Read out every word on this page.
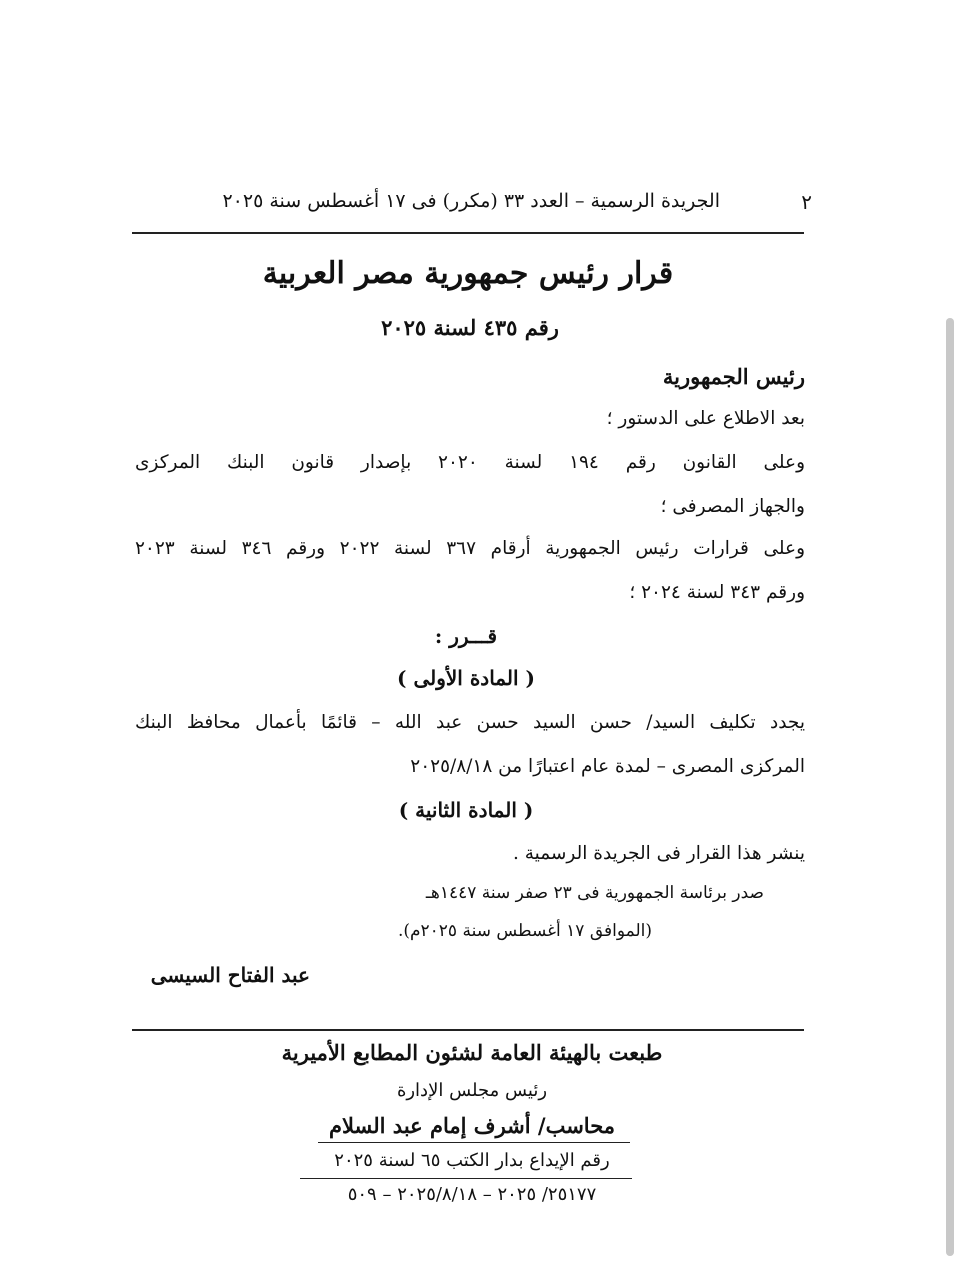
٢
الجريدة الرسمية – العدد ٣٣ (مكرر) فى ١٧ أغسطس سنة ٢٠٢٥
قرار رئيس جمهورية مصر العربية
رقم ٤٣٥ لسنة ٢٠٢٥
رئيس الجمهورية
بعد الاطلاع على الدستور ؛
وعلى القانون رقم ١٩٤ لسنة ٢٠٢٠ بإصدار قانون البنك المركزى
والجهاز المصرفى ؛
وعلى قرارات رئيس الجمهورية أرقام ٣٦٧ لسنة ٢٠٢٢ ورقم ٣٤٦ لسنة ٢٠٢٣
ورقم ٣٤٣ لسنة ٢٠٢٤ ؛
قـــرر :
( المادة الأولى )
يجدد تكليف السيد/ حسن السيد حسن عبد الله – قائمًا بأعمال محافظ البنك
المركزى المصرى – لمدة عام اعتبارًا من ٢٠٢٥/٨/١٨
( المادة الثانية )
ينشر هذا القرار فى الجريدة الرسمية .
صدر برئاسة الجمهورية فى ٢٣ صفر سنة ١٤٤٧هـ
(الموافق ١٧ أغسطس سنة ٢٠٢٥م).
عبد الفتاح السيسى
طبعت بالهيئة العامة لشئون المطابع الأميرية
رئيس مجلس الإدارة
محاسب/ أشرف إمام عبد السلام
رقم الإيداع بدار الكتب ٦٥ لسنة ٢٠٢٥
٢٥١٧٧/ ٢٠٢٥ – ٢٠٢٥/٨/١٨ – ٥٠٩
